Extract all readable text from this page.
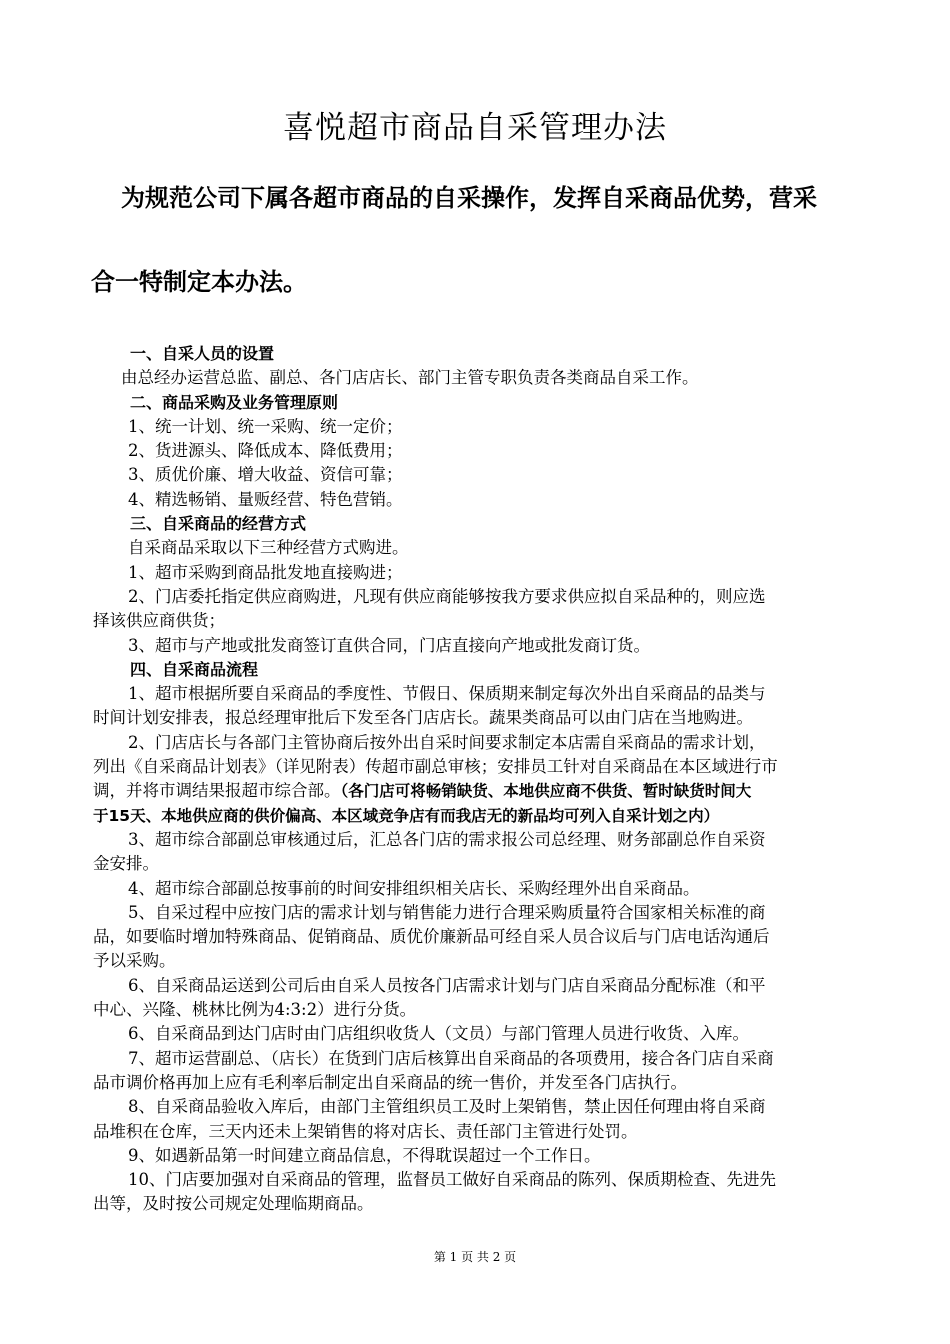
喜悦超市商品自采管理办法
为规范公司下属各超市商品的自采操作，发挥自采商品优势，营采
合一特制定本办法。
一、自采人员的设置
由总经办运营总监、副总、各门店店长、部门主管专职负责各类商品自采工作。
二、商品采购及业务管理原则
1、统一计划、统一采购、统一定价；
2、货进源头、降低成本、降低费用；
3、质优价廉、增大收益、资信可靠；
4、精选畅销、量贩经营、特色营销。
三、自采商品的经营方式
自采商品采取以下三种经营方式购进。
1、超市采购到商品批发地直接购进；
2、门店委托指定供应商购进，凡现有供应商能够按我方要求供应拟自采品种的，则应选
择该供应商供货；
3、超市与产地或批发商签订直供合同，门店直接向产地或批发商订货。
四、自采商品流程
1、超市根据所要自采商品的季度性、节假日、保质期来制定每次外出自采商品的品类与
时间计划安排表，报总经理审批后下发至各门店店长。蔬果类商品可以由门店在当地购进。
2、门店店长与各部门主管协商后按外出自采时间要求制定本店需自采商品的需求计划，
列出《自采商品计划表》（详见附表）传超市副总审核；安排员工针对自采商品在本区域进行市
调，并将市调结果报超市综合部。（各门店可将畅销缺货、本地供应商不供货、暂时缺货时间大
于15天、本地供应商的供价偏高、本区域竞争店有而我店无的新品均可列入自采计划之内）
3、超市综合部副总审核通过后，汇总各门店的需求报公司总经理、财务部副总作自采资
金安排。
4、超市综合部副总按事前的时间安排组织相关店长、采购经理外出自采商品。
5、自采过程中应按门店的需求计划与销售能力进行合理采购质量符合国家相关标准的商
品，如要临时增加特殊商品、促销商品、质优价廉新品可经自采人员合议后与门店电话沟通后
予以采购。
6、自采商品运送到公司后由自采人员按各门店需求计划与门店自采商品分配标准（和平
中心、兴隆、桃林比例为4:3:2）进行分货。
6、自采商品到达门店时由门店组织收货人（文员）与部门管理人员进行收货、入库。
7、超市运营副总、（店长）在货到门店后核算出自采商品的各项费用，接合各门店自采商
品市调价格再加上应有毛利率后制定出自采商品的统一售价，并发至各门店执行。
8、自采商品验收入库后，由部门主管组织员工及时上架销售，禁止因任何理由将自采商
品堆积在仓库，三天内还未上架销售的将对店长、责任部门主管进行处罚。
9、如遇新品第一时间建立商品信息，不得耽误超过一个工作日。
10、门店要加强对自采商品的管理，监督员工做好自采商品的陈列、保质期检查、先进先
出等，及时按公司规定处理临期商品。
第 1 页 共 2 页
